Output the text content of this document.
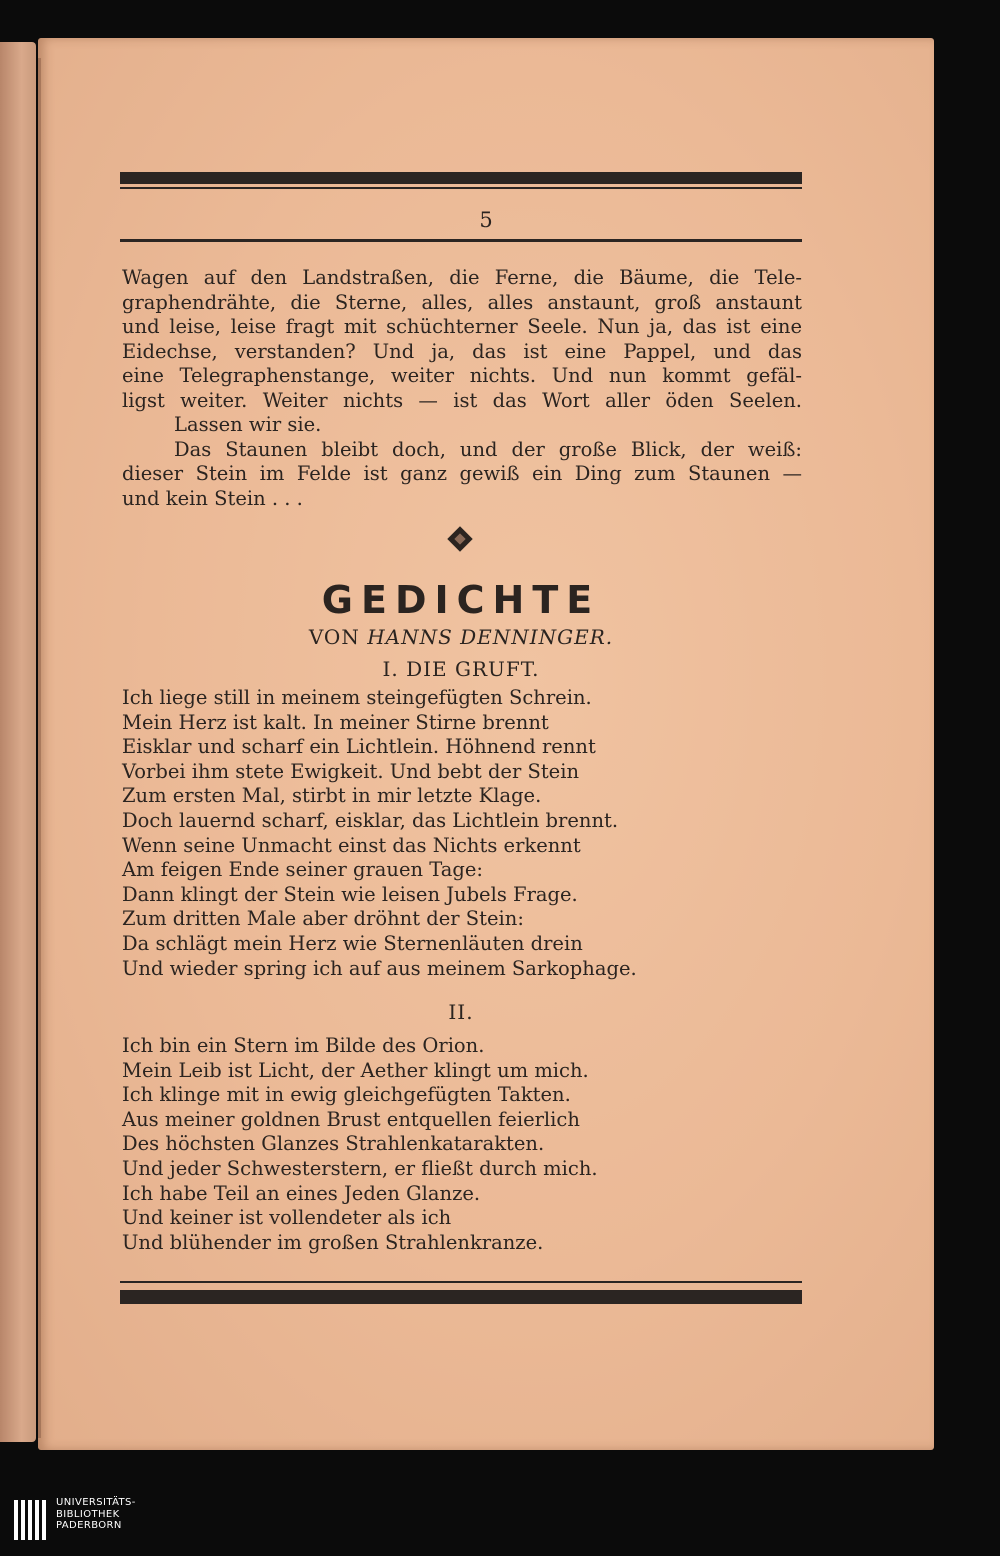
5
Wagen auf den Landstraßen, die Ferne, die Bäume, die Tele-
graphendrähte, die Sterne, alles, alles anstaunt, groß anstaunt
und leise, leise fragt mit schüchterner Seele. Nun ja, das ist eine
Eidechse, verstanden? Und ja, das ist eine Pappel, und das
eine Telegraphenstange, weiter nichts. Und nun kommt gefäl-
ligst weiter. Weiter nichts — ist das Wort aller öden Seelen.
Lassen wir sie.
Das Staunen bleibt doch, und der große Blick, der weiß:
dieser Stein im Felde ist ganz gewiß ein Ding zum Staunen —
und kein Stein . . .
GEDICHTE
VON HANNS DENNINGER.
I. DIE GRUFT.
Ich liege still in meinem steingefügten Schrein.
Mein Herz ist kalt. In meiner Stirne brennt
Eisklar und scharf ein Lichtlein. Höhnend rennt
Vorbei ihm stete Ewigkeit. Und bebt der Stein
Zum ersten Mal, stirbt in mir letzte Klage.
Doch lauernd scharf, eisklar, das Lichtlein brennt.
Wenn seine Unmacht einst das Nichts erkennt
Am feigen Ende seiner grauen Tage:
Dann klingt der Stein wie leisen Jubels Frage.
Zum dritten Male aber dröhnt der Stein:
Da schlägt mein Herz wie Sternenläuten drein
Und wieder spring ich auf aus meinem Sarkophage.
II.
Ich bin ein Stern im Bilde des Orion.
Mein Leib ist Licht, der Aether klingt um mich.
Ich klinge mit in ewig gleichgefügten Takten.
Aus meiner goldnen Brust entquellen feierlich
Des höchsten Glanzes Strahlenkatarakten.
Und jeder Schwesterstern, er fließt durch mich.
Ich habe Teil an eines Jeden Glanze.
Und keiner ist vollendeter als ich
Und blühender im großen Strahlenkranze.
UNIVERSITÄTS-
BIBLIOTHEK
PADERBORN
